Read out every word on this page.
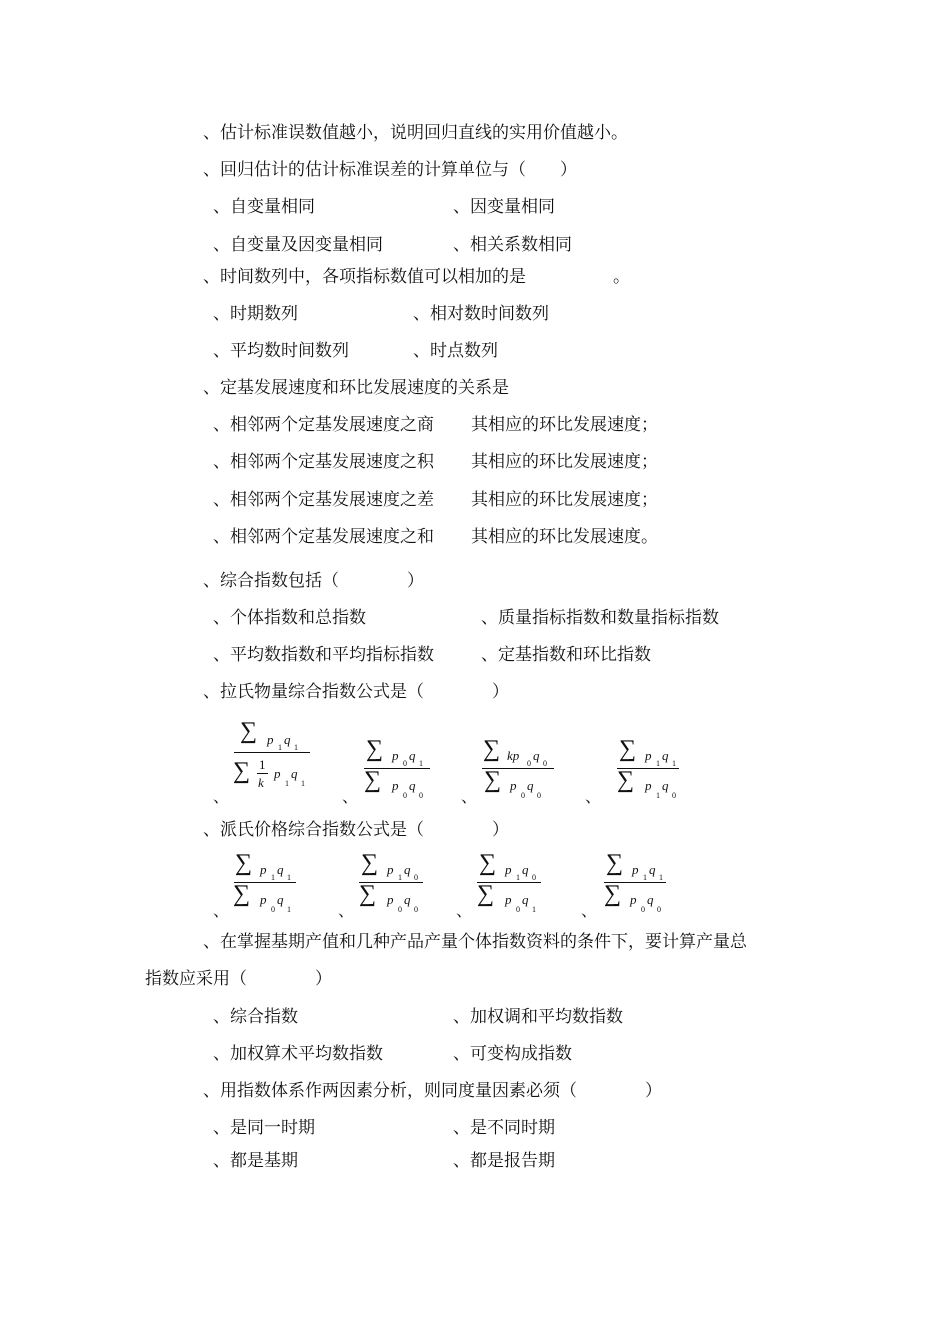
、估计标准误数值越小，说明回归直线的实用价值越小。
、回归估计的估计标准误差的计算单位与（　　）
、自变量相同	、因变量相同
、自变量及因变量相同	、相关系数相同
、时间数列中，各项指标数值可以相加的是	。
、时期数列	、相对数时间数列
、平均数时间数列	、时点数列
、定基发展速度和环比发展速度的关系是
、相邻两个定基发展速度之商 其相应的环比发展速度；
、相邻两个定基发展速度之积 其相应的环比发展速度；
、相邻两个定基发展速度之差 其相应的环比发展速度；
、相邻两个定基发展速度之和 其相应的环比发展速度。
、综合指数包括（　　　　）
、个体指数和总指数	、质量指标指数和数量指标指数
、平均数指数和平均指标指数	、定基指数和环比指数
、拉氏物量综合指数公式是（　　　　）
、派氏价格综合指数公式是（　　　　）
、在掌握基期产值和几种产品产量个体指数资料的条件下，要计算产量总
指数应采用（　　　　）
、综合指数	、加权调和平均数指数
、加权算术平均数指数	、可变构成指数
、用指数体系作两因素分析，则同度量因素必须（　　　　）
、是同一时期	、是不同时期
、都是基期	、都是报告期
、
∑ p
1
q
1
∑ 1
k
p
1
q
1
、
∑ p
0
q
1
∑ p
0
q
0 、
∑ kp
0
q
0
∑ p
0
q
0	、
∑ p
1
q
1
∑ p
1
q
0
、
∑ p
1
q
1
∑ p
0
q
1	、
∑ p
1
q
0
∑ p
0
q
0 、
∑ p
1
q
0
∑ p
0
q
1	、
∑ p
1
q
1
∑ p
0
q
0
